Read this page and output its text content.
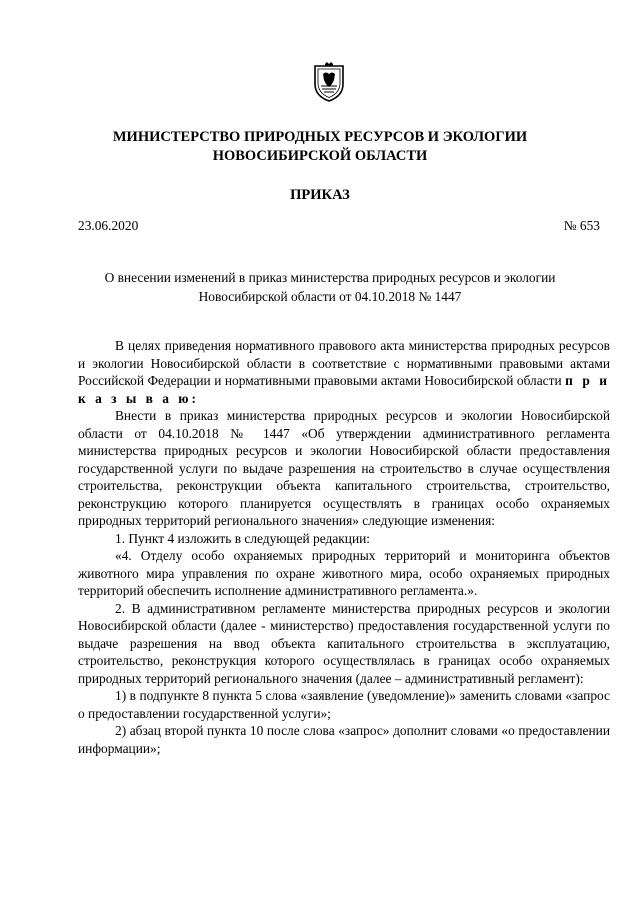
МИНИСТЕРСТВО ПРИРОДНЫХ РЕСУРСОВ И ЭКОЛОГИИ
НОВОСИБИРСКОЙ ОБЛАСТИ
ПРИКАЗ
23.06.2020	№ 653
О внесении изменений в приказ министерства природных ресурсов и экологии
Новосибирской области от 04.10.2018 № 1447

В целях приведения нормативного правового акта министерства природных ресурсов и экологии Новосибирской области в соответствие с нормативными правовыми актами Российской Федерации и нормативными правовыми актами Новосибирской области п р и к а з ы в а ю:

Внести в приказ министерства природных ресурсов и экологии Новосибирской области от 04.10.2018 № 1447 «Об утверждении административного регламента министерства природных ресурсов и экологии Новосибирской области предоставления государственной услуги по выдаче разрешения на строительство в случае осуществления строительства, реконструкции объекта капитального строительства, строительство, реконструкцию которого планируется осуществлять в границах особо охраняемых природных территорий регионального значения» следующие изменения:

1. Пункт 4 изложить в следующей редакции:

«4. Отделу особо охраняемых природных территорий и мониторинга объектов животного мира управления по охране животного мира, особо охраняемых природных территорий обеспечить исполнение административного регламента.».

2. В административном регламенте министерства природных ресурсов и экологии Новосибирской области (далее - министерство) предоставления государственной услуги по выдаче разрешения на ввод объекта капитального строительства в эксплуатацию, строительство, реконструкция которого осуществлялась в границах особо охраняемых природных территорий регионального значения (далее – административный регламент):

1) в подпункте 8 пункта 5 слова «заявление (уведомление)» заменить словами «запрос о предоставлении государственной услуги»;

2) абзац второй пункта 10 после слова «запрос» дополнит словами «о предоставлении информации»;
